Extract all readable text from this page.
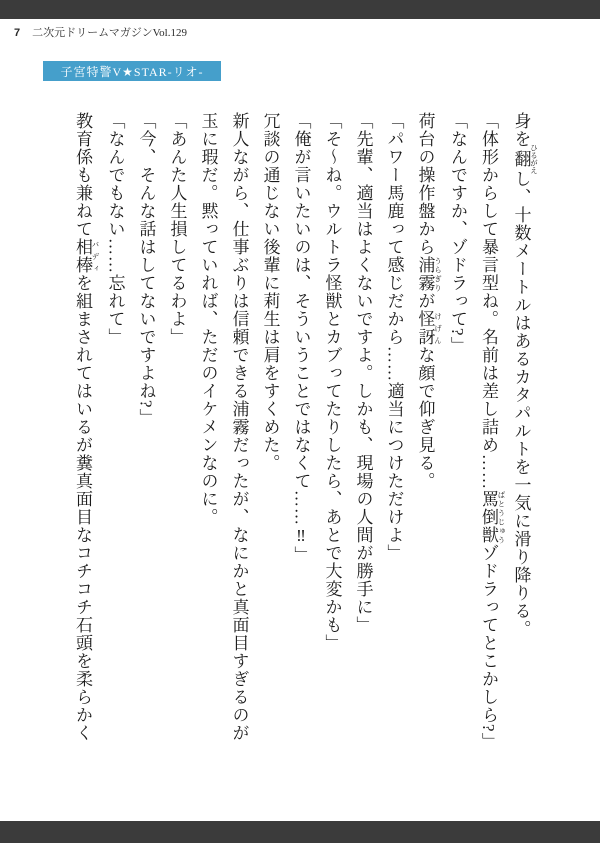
7 二次元ドリームマガジンVol.129
子宮特警V★STAR-リオ-

身を翻 ひるがえし、十数メートルはあるカタパルトを一気に滑り降りる。

「体形からして暴言型ね。名前は差し詰め……罵倒獣 ばとうじゅうゾドラってとこかしら?」

「なんですか、ゾドラって?」

荷台の操作盤から浦霧 うらぎりが怪訝 けげんな顔で仰ぎ見る。

「パワー馬鹿って感じだから……適当につけただけよ」

「先輩、適当はよくないですよ。しかも、現場の人間が勝手に」

「そ〜ね。ウルトラ怪獣とカブってたりしたら、あとで大変かも」

「俺が言いたいのは、そういうことではなくて……‼」

冗談の通じない後輩に莉生は肩をすくめた。

新人ながら、仕事ぶりは信頼できる浦霧だったが、なにかと真面目すぎるのが

玉に瑕だ。黙っていれば、ただのイケメンなのに。

「あんた人生損してるわよ」

「今、そんな話はしてないですよね?」

「なんでもない……忘れて」

教育係も兼ねて相棒 バディを組まされてはいるが糞真面目なコチコチ石頭を柔らかく
